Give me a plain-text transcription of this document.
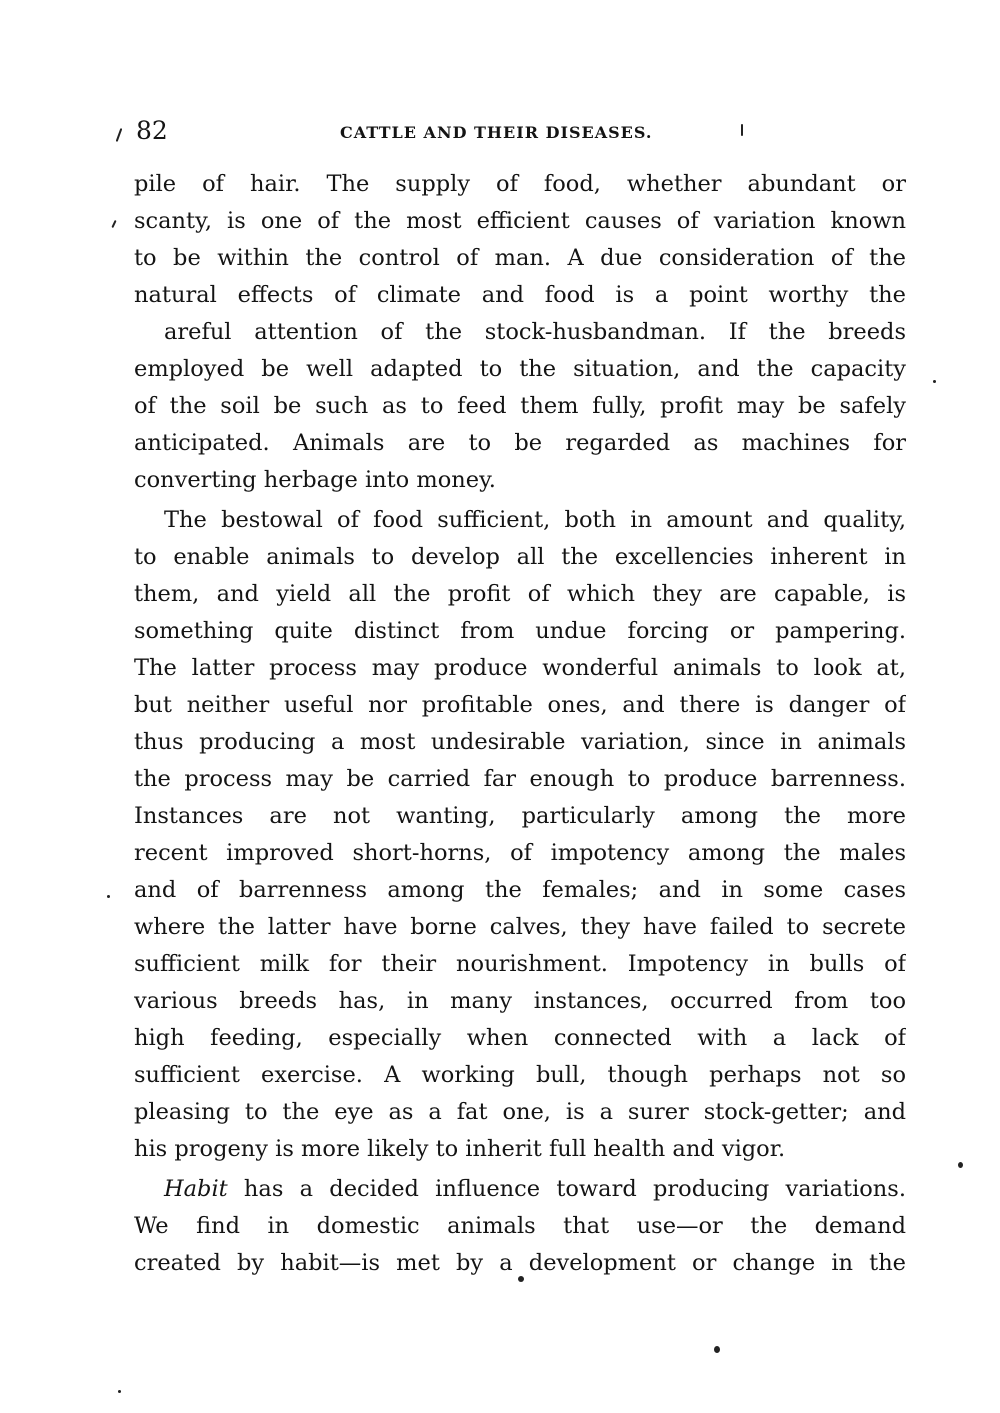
82	CATTLE AND THEIR DISEASES.
pile of hair. The supply of food, whether abundant or
scanty, is one of the most efficient causes of variation known
to be within the control of man. A due consideration of the
natural effects of climate and food is a point worthy the
areful attention of the stock-husbandman. If the breeds
employed be well adapted to the situation, and the capacity
of the soil be such as to feed them fully, profit may be safely
anticipated. Animals are to be regarded as machines for
converting herbage into money.
The bestowal of food sufficient, both in amount and quality,
to enable animals to develop all the excellencies inherent in
them, and yield all the profit of which they are capable, is
something quite distinct from undue forcing or pampering.
The latter process may produce wonderful animals to look at,
but neither useful nor profitable ones, and there is danger of
thus producing a most undesirable variation, since in animals
the process may be carried far enough to produce barrenness.
Instances are not wanting, particularly among the more
recent improved short-horns, of impotency among the males
and of barrenness among the females; and in some cases
where the latter have borne calves, they have failed to secrete
sufficient milk for their nourishment. Impotency in bulls of
various breeds has, in many instances, occurred from too
high feeding, especially when connected with a lack of
sufficient exercise. A working bull, though perhaps not so
pleasing to the eye as a fat one, is a surer stock-getter; and
his progeny is more likely to inherit full health and vigor.
Habit has a decided influence toward producing variations.
We find in domestic animals that use—or the demand
created by habit—is met by a development or change in the
